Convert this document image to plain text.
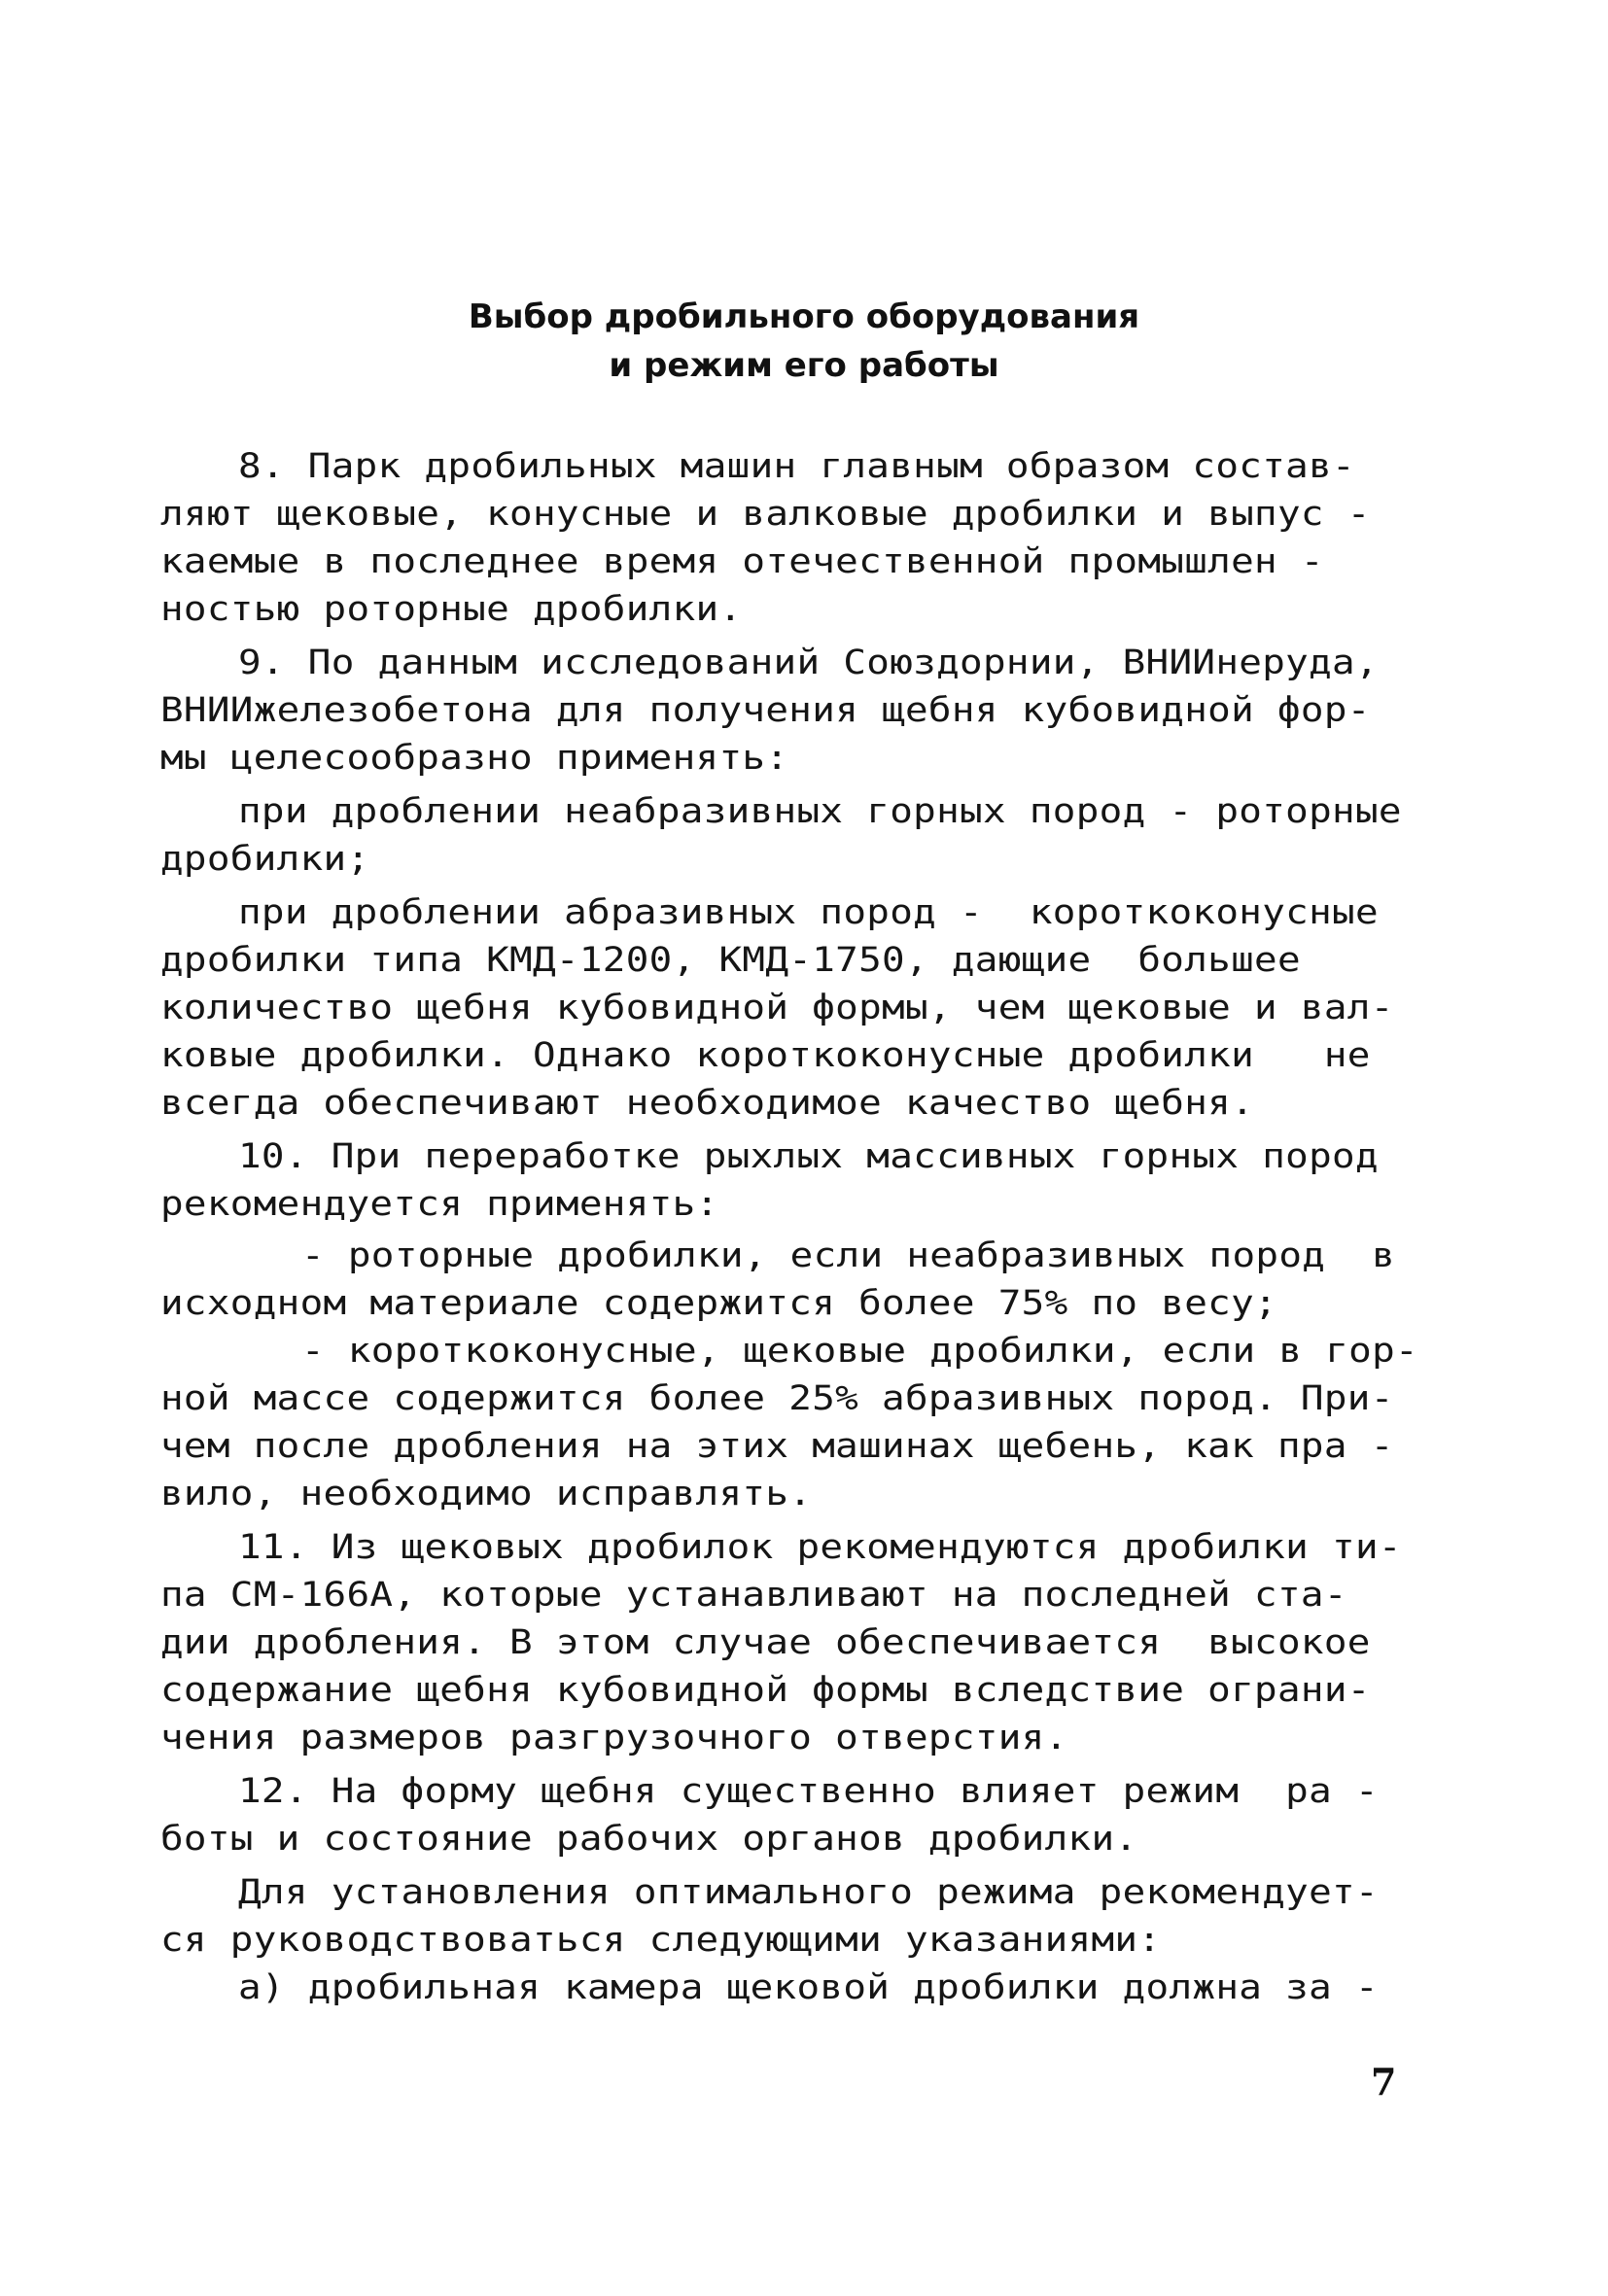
Выбор дробильного оборудования
и режим его работы
8. Парк дробильных машин главным образом состав-
ляют щековые, конусные и валковые дробилки и выпус -
каемые в последнее время отечественной промышлен -
ностью роторные дробилки.
9. По данным исследований Союздорнии, ВНИИнеруда,
ВНИИжелезобетона для получения щебня кубовидной фор-
мы целесообразно применять:
при дроблении неабразивных горных пород - роторные
дробилки;
при дроблении абразивных пород -  короткоконусные
дробилки типа КМД-1200, КМД-1750, дающие  большее
количество щебня кубовидной формы, чем щековые и вал-
ковые дробилки. Однако короткоконусные дробилки   не
всегда обеспечивают необходимое качество щебня.
10. При переработке рыхлых массивных горных пород
рекомендуется применять:
- роторные дробилки, если неабразивных пород  в
исходном материале содержится более 75% по весу;
- короткоконусные, щековые дробилки, если в гор-
ной массе содержится более 25% абразивных пород. При-
чем после дробления на этих машинах щебень, как пра -
вило, необходимо исправлять.
11. Из щековых дробилок рекомендуются дробилки ти-
па СМ-166А, которые устанавливают на последней ста-
дии дробления. В этом случае обеспечивается  высокое
содержание щебня кубовидной формы вследствие ограни-
чения размеров разгрузочного отверстия.
12. На форму щебня существенно влияет режим  ра -
боты и состояние рабочих органов дробилки.
Для установления оптимального режима рекомендует-
ся руководствоваться следующими указаниями:
а) дробильная камера щековой дробилки должна за -
7
